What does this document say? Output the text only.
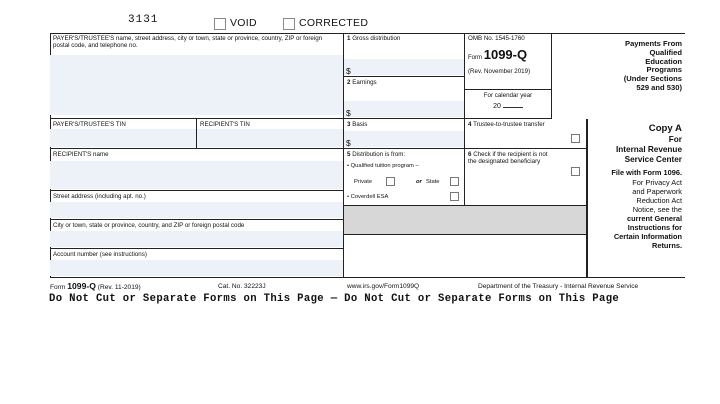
3131	VOID	CORRECTED
PAYER'S/TRUSTEE'S name, street address, city or town, state or province, country, ZIP or foreign postal code, and telephone no.
1 Gross distribution
$
OMB No. 1545-1760
Form 1099-Q
(Rev. November 2019)
For calendar year
20
2 Earnings
$
Payments From
Qualified
Education
Programs
(Under Sections
529 and 530)
PAYER'S/TRUSTEE'S TIN	RECIPIENT'S TIN	3 Basis
$
4 Trustee-to-trustee transfer	Copy A
For
Internal Revenue
Service Center
File with Form 1096.
For Privacy Act
and Paperwork
Reduction Act
Notice, see the
current General
Instructions for
Certain Information
Returns.
RECIPIENT'S name	5 Distribution is from:
• Qualified tuition program –
Private	or State
• Coverdell ESA
6 Check if the recipient is not the designated beneficiary
Street address (including apt. no.)
City or town, state or province, country, and ZIP or foreign postal code
Account number (see instructions)
Form 1099-Q (Rev. 11-2019)	Cat. No. 32223J	www.irs.gov/Form1099Q	Department of the Treasury - Internal Revenue Service
Do Not Cut or Separate Forms on This Page — Do Not Cut or Separate Forms on This Page
